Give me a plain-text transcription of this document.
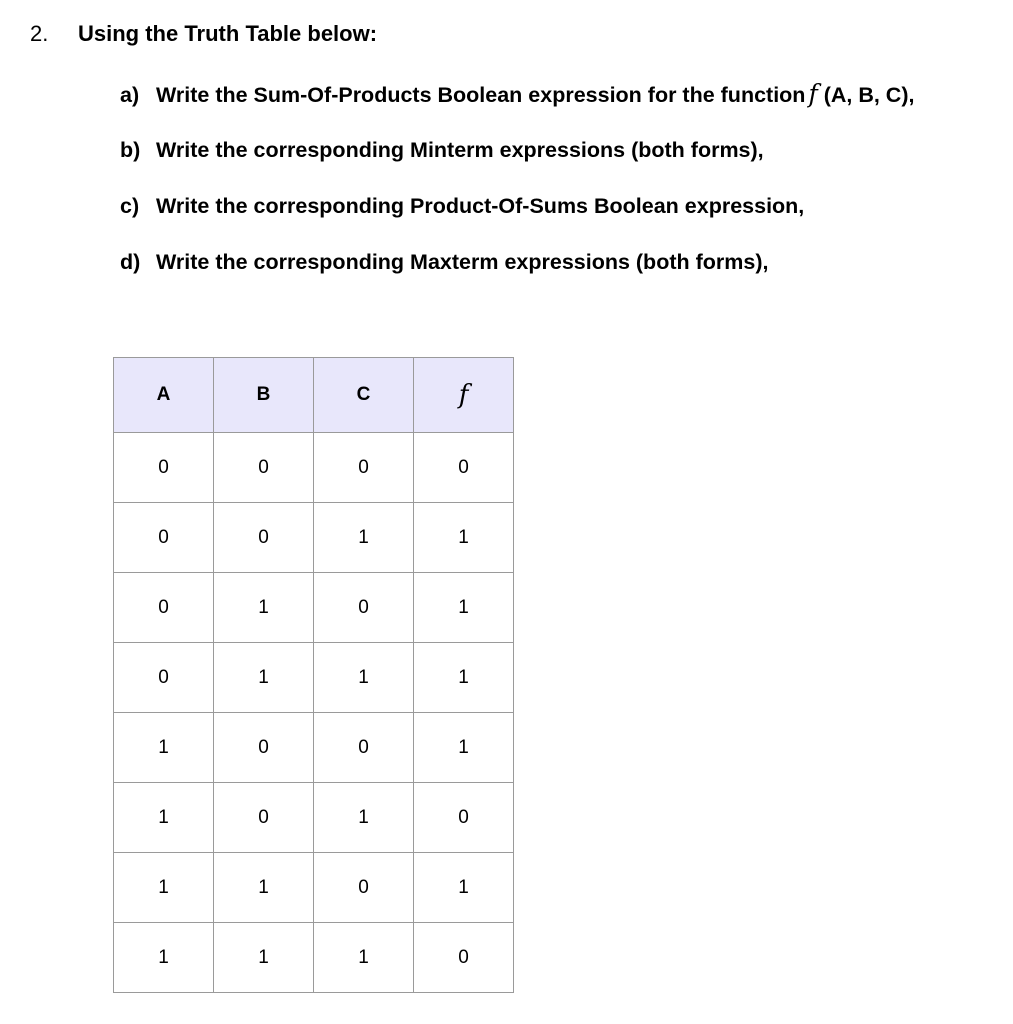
2. Using the Truth Table below:
a) Write the Sum-Of-Products Boolean expression for the function f (A, B, C),
b) Write the corresponding Minterm expressions (both forms),
c) Write the corresponding Product-Of-Sums Boolean expression,
d) Write the corresponding Maxterm expressions (both forms),
A	B	C	f
0	0	0	0
0	0	1	1
0	1	0	1
0	1	1	1
1	0	0	1
1	0	1	0
1	1	0	1
1	1	1	0
